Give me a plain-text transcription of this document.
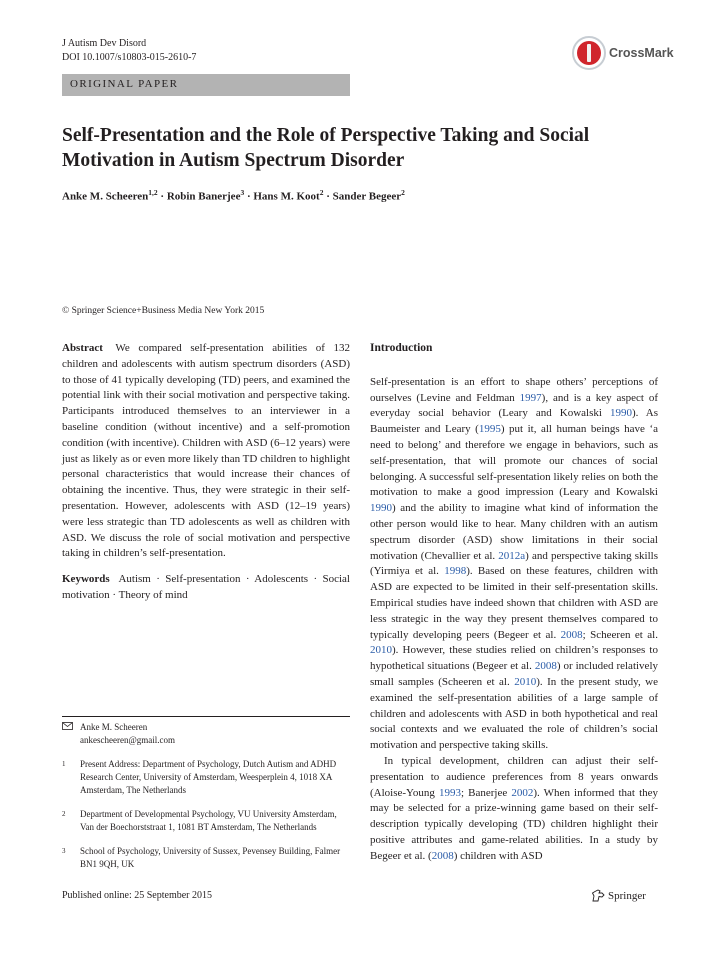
J Autism Dev Disord
DOI 10.1007/s10803-015-2610-7	CrossMark
ORIGINAL PAPER
Self-Presentation and the Role of Perspective Taking and Social Motivation in Autism Spectrum Disorder
Anke M. Scheeren$^{1,2}$ · Robin Banerjee$^3$ · Hans M. Koot$^2$ · Sander Begeer$^2$
© Springer Science+Business Media New York 2015

Abstract We compared self-presentation abilities of 132 children and adolescents with autism spectrum disorders (ASD) to those of 41 typically developing (TD) peers, and examined the potential link with their social motivation and perspective taking. Participants introduced themselves to an interviewer in a baseline condition (without incentive) and a self-promotion condition (with incentive). Children with ASD (6–12 years) were just as likely as or even more likely than TD children to highlight personal characteristics that would increase their chances of obtaining the incentive. Thus, they were strategic in their self-presentation. However, adolescents with ASD (12–19 years) were less strategic than TD adolescents as well as children with ASD. We discuss the role of social motivation and perspective taking in children’s self-presentation.

Keywords Autism · Self-presentation · Adolescents · Social motivation · Theory of mind

Anke M. Scheeren
ankescheeren@gmail.com
1	Present Address: Department of Psychology, Dutch Autism and ADHD Research Center, University of Amsterdam, Weesperplein 4, 1018 XA Amsterdam, The Netherlands
2	Department of Developmental Psychology, VU University Amsterdam, Van der Boechorststraat 1, 1081 BT Amsterdam, The Netherlands
3	School of Psychology, University of Sussex, Pevensey Building, Falmer BN1 9QH, UK

Introduction

Self-presentation is an effort to shape others’ perceptions of ourselves (Levine and Feldman 1997), and is a key aspect of everyday social behavior (Leary and Kowalski 1990). As Baumeister and Leary (1995) put it, all human beings have ‘a need to belong’ and therefore we engage in behaviors, such as self-presentation, that will promote our chances of social belonging. A successful self-presentation likely relies on both the motivation to make a good impression (Leary and Kowalski 1990) and the ability to imagine what kind of information the other person would like to hear. Many children with an autism spectrum disorder (ASD) show limitations in their social motivation (Chevallier et al. 2012a) and perspective taking skills (Yirmiya et al. 1998). Based on these features, children with ASD are expected to be limited in their self-presentation skills. Empirical studies have indeed shown that children with ASD are less strategic in the way they present themselves compared to typically developing peers (Begeer et al. 2008; Scheeren et al. 2010). However, these studies relied on children’s responses to hypothetical situations (Begeer et al. 2008) or included relatively small samples (Scheeren et al. 2010). In the present study, we examined the self-presentation abilities of a large sample of children and adolescents with ASD in both hypothetical and real social contexts and we evaluated the role of children’s social motivation and perspective taking skills.

In typical development, children can adjust their self-presentation to audience preferences from 8 years onwards (Aloise-Young 1993; Banerjee 2002). When informed that they may be selected for a prize-winning game based on their self-description typically developing (TD) children highlight their positive attributes and game-related abilities. In a study by Begeer et al. (2008) children with ASD

Published online: 25 September 2015	Springer
